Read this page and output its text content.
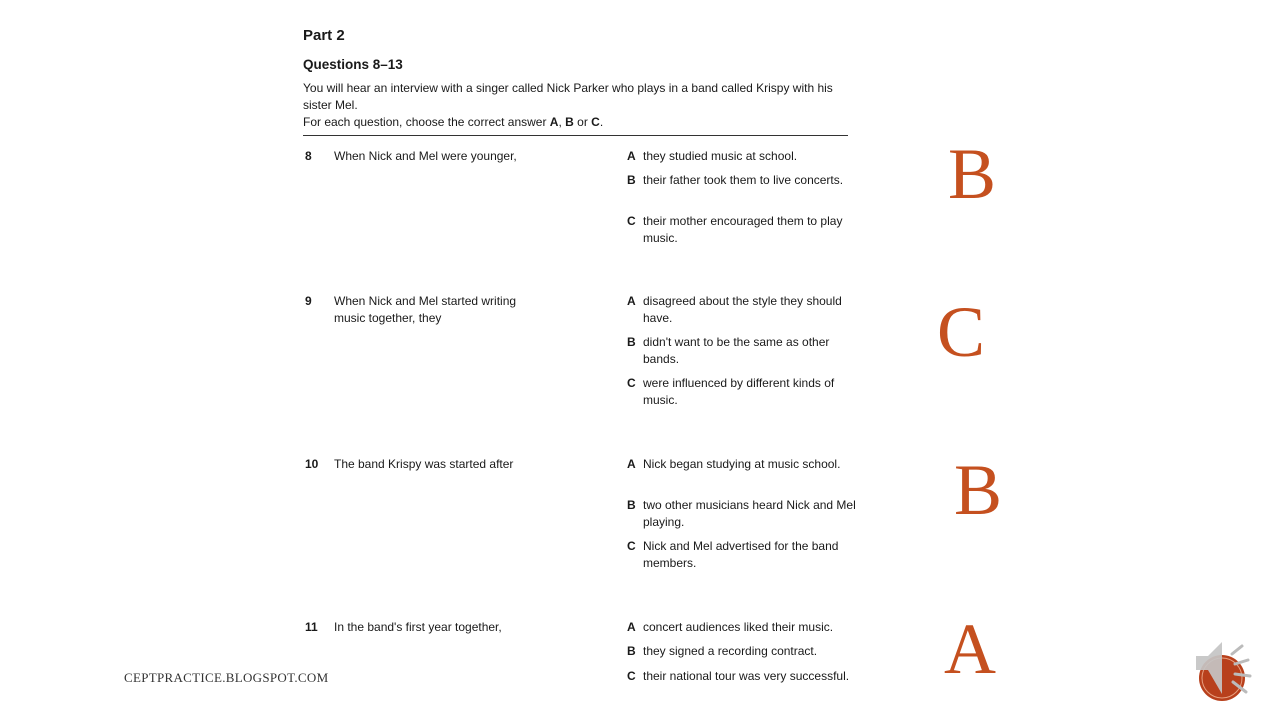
Part 2
Questions 8–13
You will hear an interview with a singer called Nick Parker who plays in a band called Krispy with his sister Mel.
For each question, choose the correct answer A, B or C.
8	When Nick and Mel were younger,	A they studied music at school.
B their father took them to live concerts.
C their mother encouraged them to play music.
B
9	When Nick and Mel started writing music together, they
A disagreed about the style they should have.
B didn't want to be the same as other bands.
C were influenced by different kinds of music.
C
10	The band Krispy was started after	A Nick began studying at music school.
B two other musicians heard Nick and Mel playing.
C Nick and Mel advertised for the band members.
B
11	In the band's first year together,	A concert audiences liked their music.
B they signed a recording contract.
C their national tour was very successful. A
CEPTPRACTICE.BLOGSPOT.COM
